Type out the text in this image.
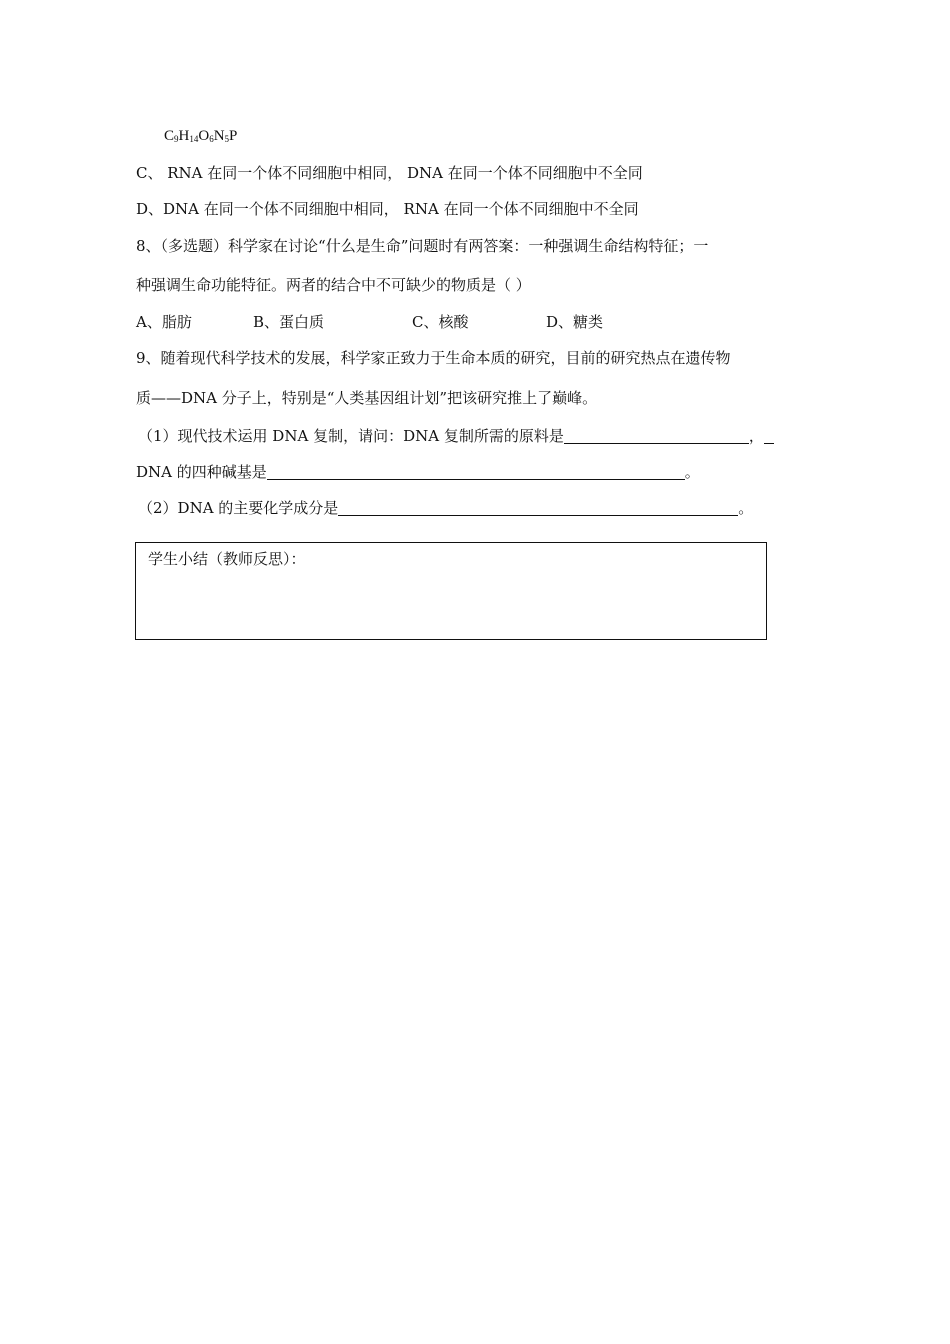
$C_9H_{14}O_6N_5P$
C、 RNA 在同一个体不同细胞中相同， DNA 在同一个体不同细胞中不全同
D、DNA 在同一个体不同细胞中相同， RNA 在同一个体不同细胞中不全同
8、（多选题）科学家在讨论“什么是生命”问题时有两答案：一种强调生命结构特征；一
种强调生命功能特征。两者的结合中不可缺少的物质是（ ）
A、脂肪	B、蛋白质	C、核酸	D、糖类
9、随着现代科学技术的发展，科学家正致力于生命本质的研究，目前的研究热点在遗传物
质——DNA 分子上，特别是“人类基因组计划”把该研究推上了巅峰。
（1）现代技术运用 DNA 复制，请问：DNA 复制所需的原料是	，
DNA 的四种碱基是	。
（2）DNA 的主要化学成分是	。
学生小结（教师反思）：
